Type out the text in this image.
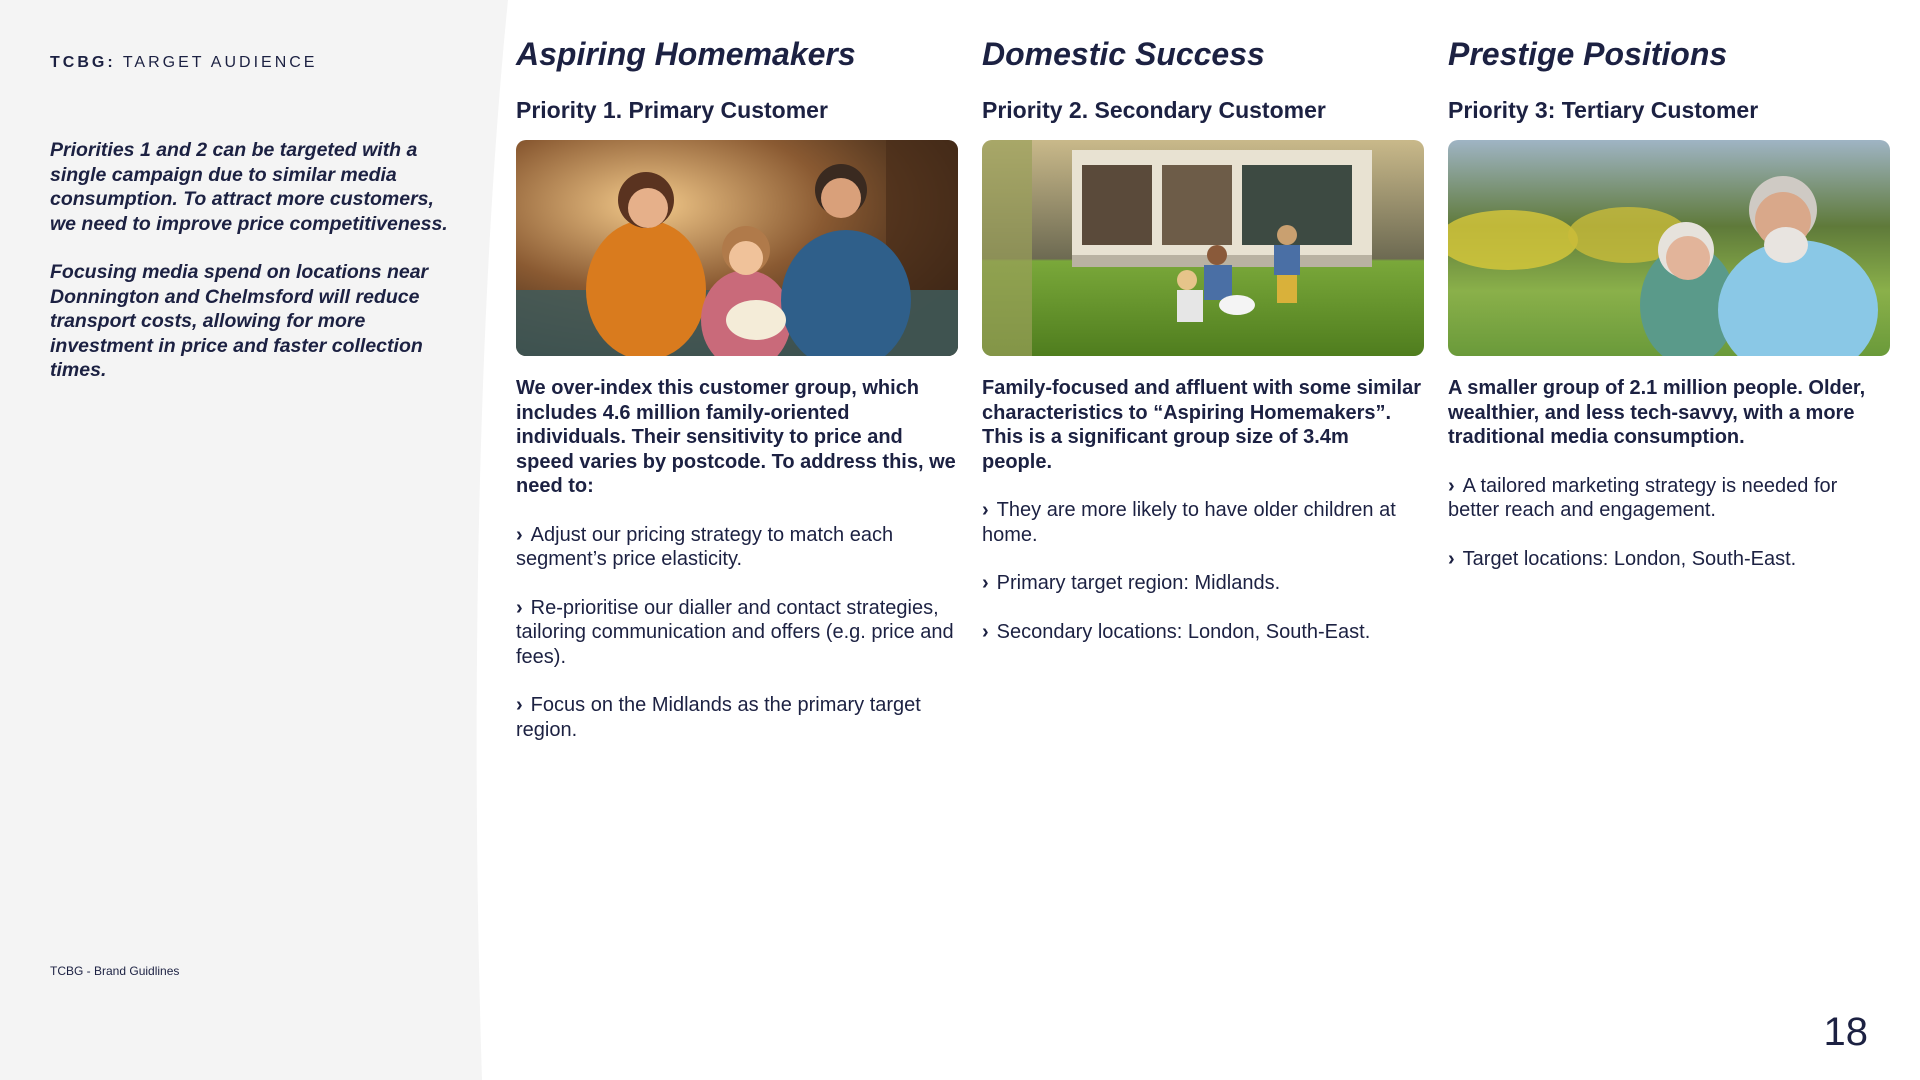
TCBG: TARGET AUDIENCE

Priorities 1 and 2 can be targeted with a single campaign due to similar media consumption. To attract more customers, we need to improve price competitiveness.

Focusing media spend on locations near Donnington and Chelmsford will reduce transport costs, allowing for more investment in price and faster collection times.

TCBG - Brand Guidlines
Aspiring Homemakers
Priority 1. Primary Customer

We over-index this customer group, which includes 4.6 million family-oriented individuals. Their sensitivity to price and speed varies by postcode. To address this, we need to:

› Adjust our pricing strategy to match each segment’s price elasticity.

› Re-prioritise our dialler and contact strategies, tailoring communication and offers (e.g. price and fees).

› Focus on the Midlands as the primary target region.

Domestic Success
Priority 2. Secondary Customer

Family-focused and affluent with some similar characteristics to “Aspiring Homemakers”. This is a significant group size of 3.4m people.

› They are more likely to have older children at home.

› Primary target region: Midlands.

› Secondary locations: London, South-East.

Prestige Positions
Priority 3: Tertiary Customer

A smaller group of 2.1 million people. Older, wealthier, and less tech-savvy, with a more traditional media consumption.

› A tailored marketing strategy is needed for better reach and engagement.

› Target locations: London, South-East.

18
